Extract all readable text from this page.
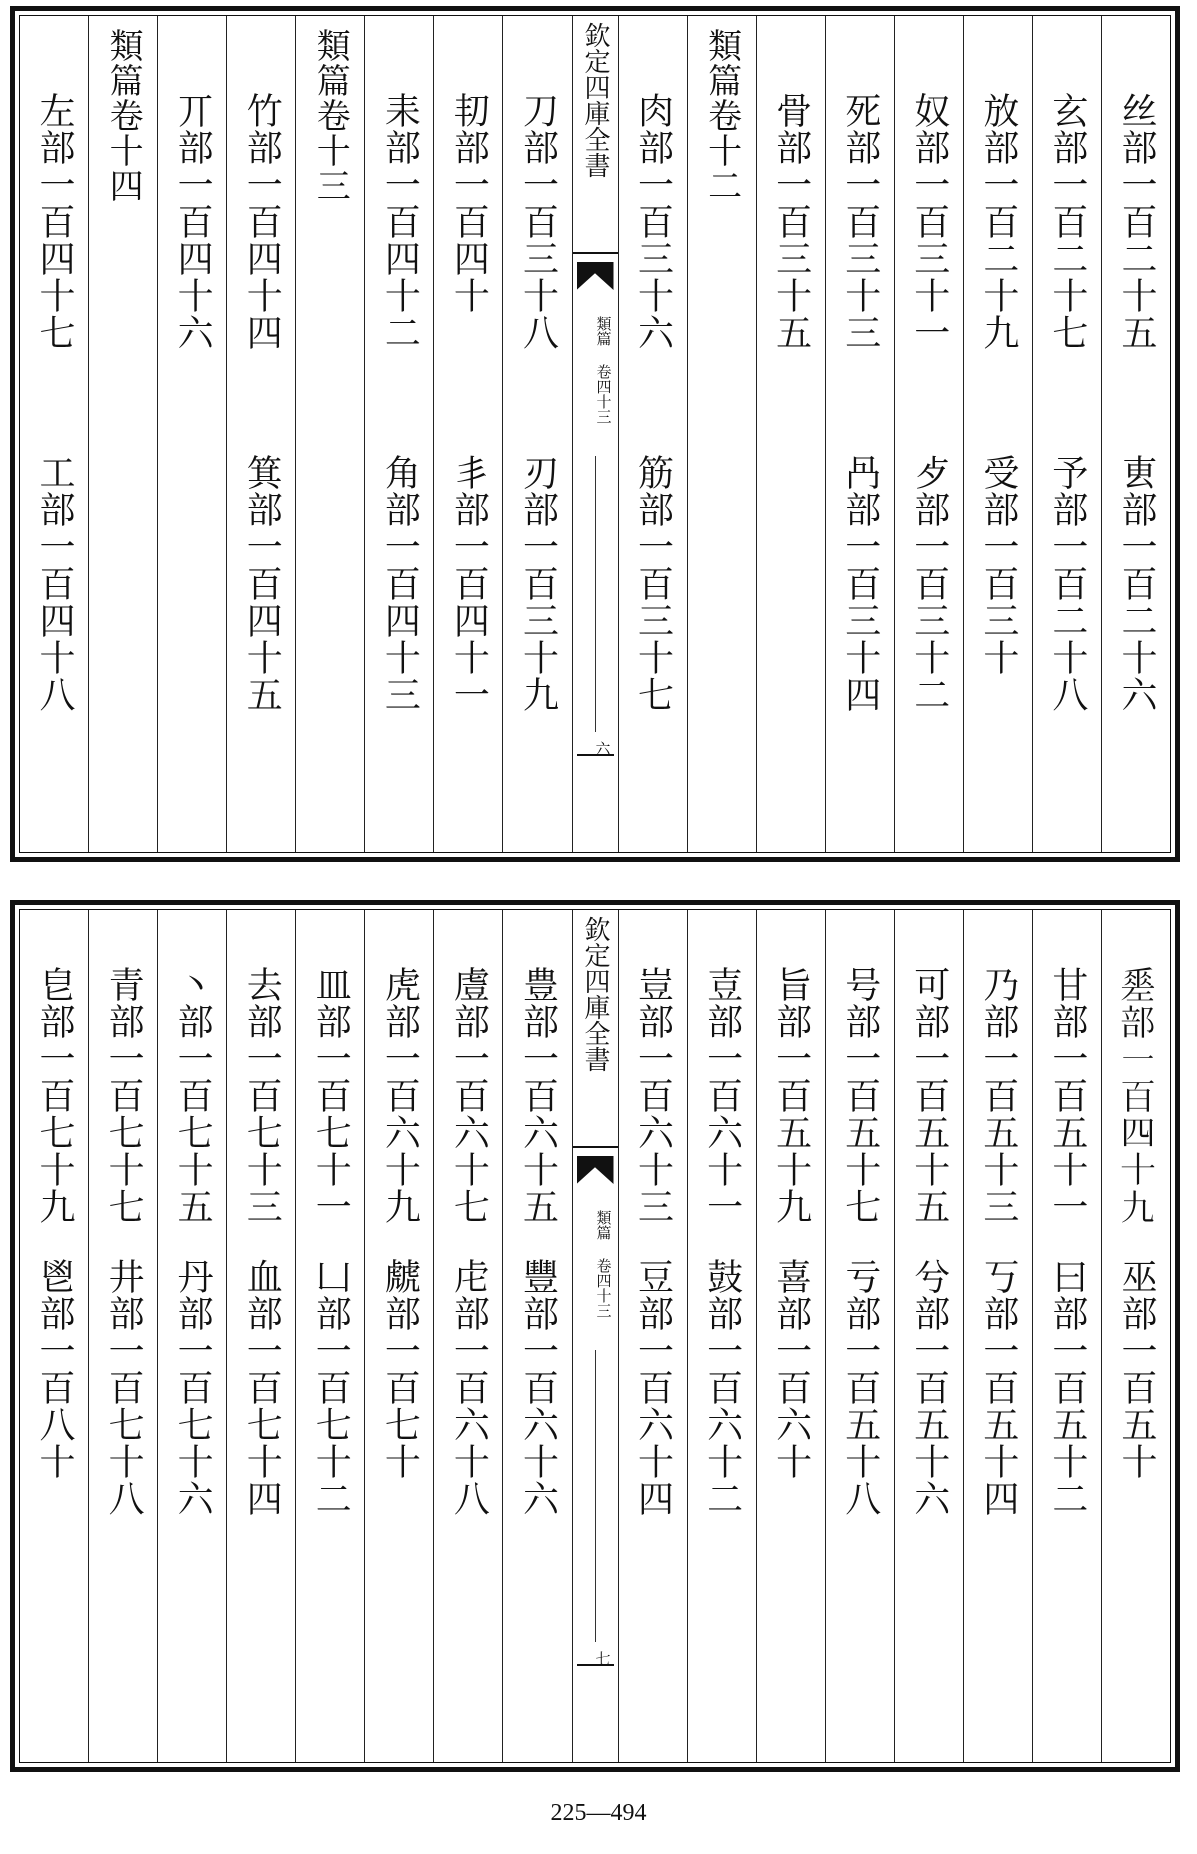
丝部一百二十五
叀部一百二十六
玄部一百二十七
予部一百二十八
放部一百二十九
受部一百三十
奴部一百三十一
歺部一百三十二
死部一百三十三
冎部一百三十四
骨部一百三十五
類篇卷十二
肉部一百三十六
筋部一百三十七
欽定四庫全書
類篇 卷四十三
六
刀部一百三十八
刃部一百三十九
㓞部一百四十
丯部一百四十一
耒部一百四十二
角部一百四十三
類篇卷十三
竹部一百四十四
箕部一百四十五
丌部一百四十六
類篇卷十四
左部一百四十七
工部一百四十八
𢀩部一百四十九
巫部一百五十
甘部一百五十一
曰部一百五十二
乃部一百五十三
丂部一百五十四
可部一百五十五
兮部一百五十六
号部一百五十七
亏部一百五十八
旨部一百五十九
喜部一百六十
壴部一百六十一
鼓部一百六十二
豈部一百六十三
豆部一百六十四
欽定四庫全書
類篇 卷四十三
七
豊部一百六十五
豐部一百六十六
䖒部一百六十七
虍部一百六十八
虎部一百六十九
虤部一百七十
皿部一百七十一
凵部一百七十二
去部一百七十三
血部一百七十四
丶部一百七十五
丹部一百七十六
青部一百七十七
井部一百七十八
皀部一百七十九
鬯部一百八十
225—494
